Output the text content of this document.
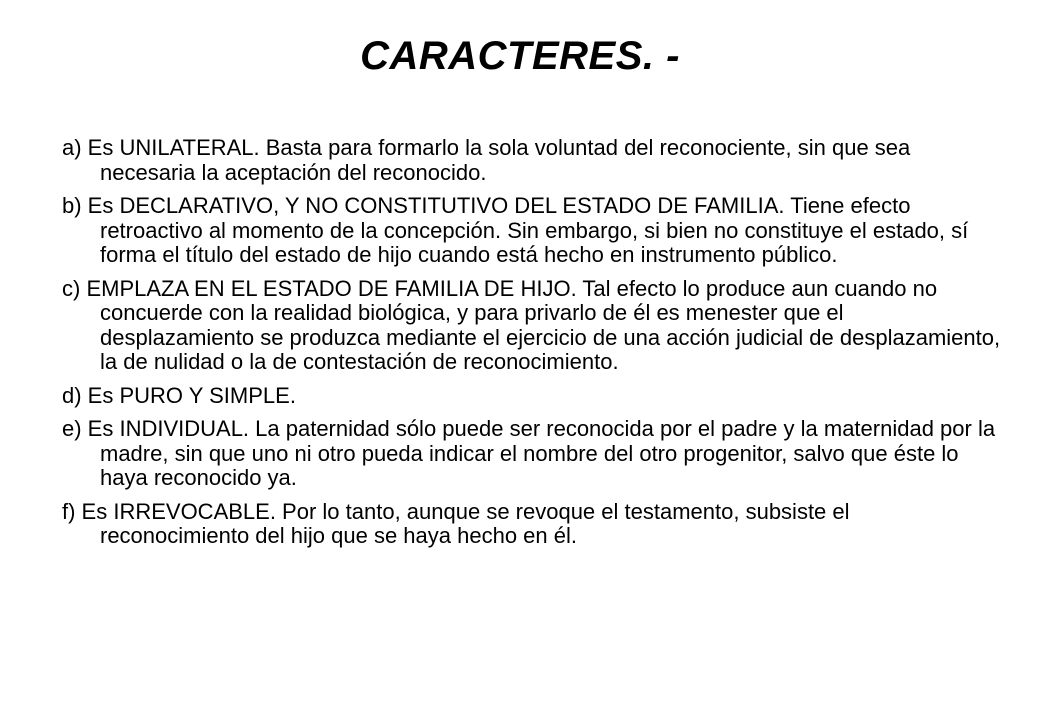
CARACTERES. -

a) Es UNILATERAL. Basta para formarlo la sola voluntad del reconociente, sin que sea necesaria la aceptación del reconocido.

b) Es DECLARATIVO, Y NO CONSTITUTIVO DEL ESTADO DE FAMILIA. Tiene efecto retroactivo al momento de la concepción. Sin embargo, si bien no constituye el estado, sí forma el título del estado de hijo cuando está hecho en instrumento público.

c) EMPLAZA EN EL ESTADO DE FAMILIA DE HIJO. Tal efecto lo produce aun cuando no concuerde con la realidad biológica, y para privarlo de él es menester que el desplazamiento se produzca mediante el ejercicio de una acción judicial de desplazamiento, la de nulidad o la de contestación de reconocimiento.

d) Es PURO Y SIMPLE.

e) Es INDIVIDUAL. La paternidad sólo puede ser reconocida por el padre y la maternidad por la madre, sin que uno ni otro pueda indicar el nombre del otro progenitor, salvo que éste lo haya reconocido ya.

f) Es IRREVOCABLE. Por lo tanto, aunque se revoque el testamento, subsiste el reconocimiento del hijo que se haya hecho en él.
